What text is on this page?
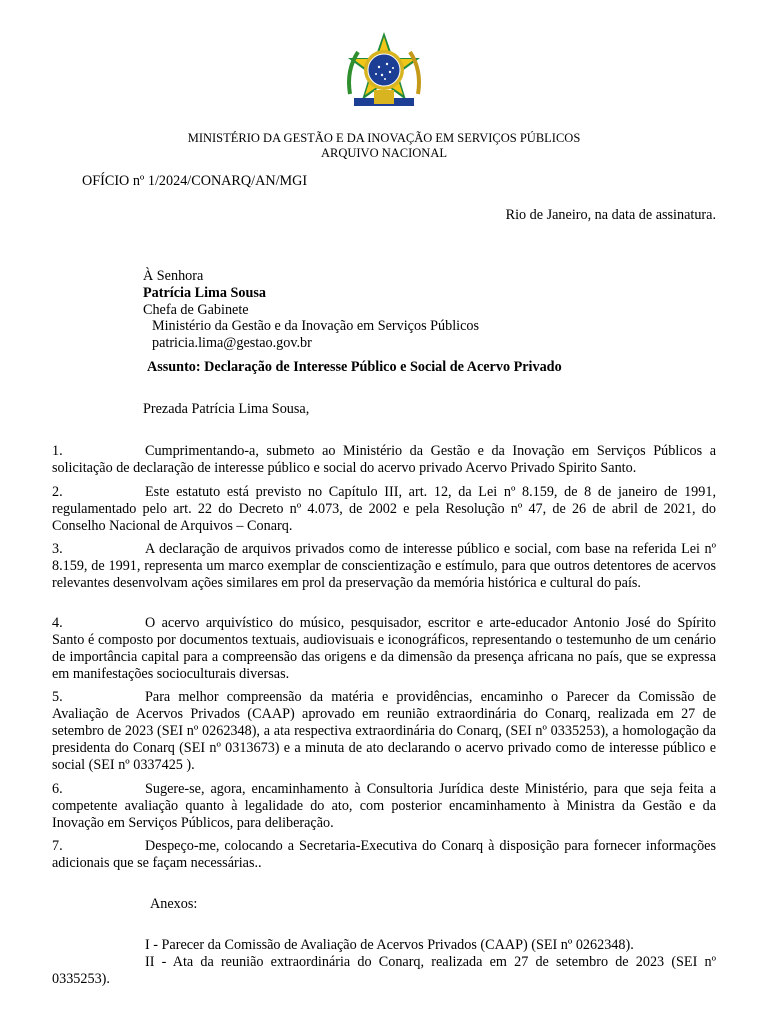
MINISTÉRIO DA GESTÃO E DA INOVAÇÃO EM SERVIÇOS PÚBLICOS
ARQUIVO NACIONAL
OFÍCIO nº 1/2024/CONARQ/AN/MGI
Rio de Janeiro, na data de assinatura.
À Senhora
Patrícia Lima Sousa
Chefa de Gabinete
Ministério da Gestão e da Inovação em Serviços Públicos
patricia.lima@gestao.gov.br
Assunto: Declaração de Interesse Público e Social de Acervo Privado
Prezada Patrícia Lima Sousa,
1.	Cumprimentando-a, submeto ao Ministério da Gestão e da Inovação em Serviços Públicos a solicitação de declaração de interesse público e social do acervo privado Acervo Privado Spirito Santo.
2.	Este estatuto está previsto no Capítulo III, art. 12, da Lei nº 8.159, de 8 de janeiro de 1991, regulamentado pelo art. 22 do Decreto nº 4.073, de 2002 e pela Resolução nº 47, de 26 de abril de 2021, do Conselho Nacional de Arquivos – Conarq.
3.	A declaração de arquivos privados como de interesse público e social, com base na referida Lei nº 8.159, de 1991, representa um marco exemplar de conscientização e estímulo, para que outros detentores de acervos relevantes desenvolvam ações similares em prol da preservação da memória histórica e cultural do país.
4.	O acervo arquivístico do músico, pesquisador, escritor e arte-educador Antonio José do Spírito Santo é composto por documentos textuais, audiovisuais e iconográficos, representando o testemunho de um cenário de importância capital para a compreensão das origens e da dimensão da presença africana no país, que se expressa em manifestações socioculturais diversas.
5.	Para melhor compreensão da matéria e providências, encaminho o Parecer da Comissão de Avaliação de Acervos Privados (CAAP) aprovado em reunião extraordinária do Conarq, realizada em 27 de setembro de 2023 (SEI nº 0262348), a ata respectiva extraordinária do Conarq, (SEI nº 0335253), a homologação da presidenta do Conarq (SEI nº 0313673) e a minuta de ato declarando o acervo privado como de interesse público e social (SEI nº 0337425 ).
6.	Sugere-se, agora, encaminhamento à Consultoria Jurídica deste Ministério, para que seja feita a competente avaliação quanto à legalidade do ato, com posterior encaminhamento à Ministra da Gestão e da Inovação em Serviços Públicos, para deliberação.
7.	Despeço-me, colocando a Secretaria-Executiva do Conarq à disposição para fornecer informações adicionais que se façam necessárias..
Anexos:
I - Parecer da Comissão de Avaliação de Acervos Privados (CAAP) (SEI nº 0262348).
II - Ata da reunião extraordinária do Conarq, realizada em 27 de setembro de 2023 (SEI nº 0335253).
